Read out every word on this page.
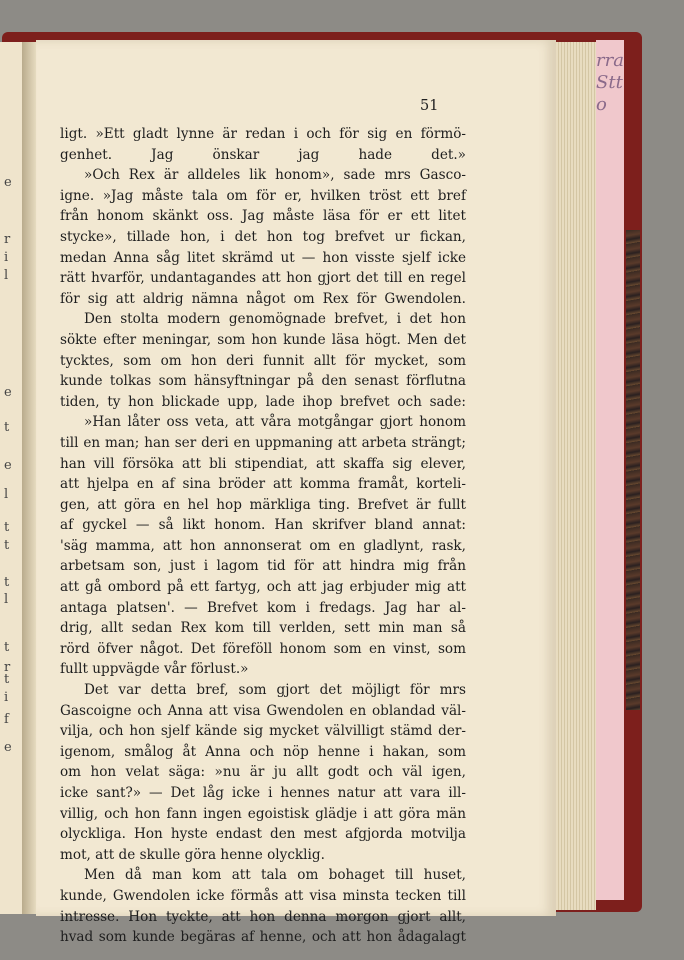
e
r
i
l
e
t
e
l
t
t
t
l
t
r
t
i
f
e
rra
Stt
o
51
ligt. »Ett gladt lynne är redan i och för sig en förmö-
genhet. Jag önskar jag hade det.»
»Och Rex är alldeles lik honom», sade mrs Gasco-
igne. »Jag måste tala om för er, hvilken tröst ett bref
från honom skänkt oss. Jag måste läsa för er ett litet
stycke», tillade hon, i det hon tog brefvet ur fickan,
medan Anna såg litet skrämd ut — hon visste sjelf icke
rätt hvarför, undantagandes att hon gjort det till en regel
för sig att aldrig nämna något om Rex för Gwendolen.
Den stolta modern genomögnade brefvet, i det hon
sökte efter meningar, som hon kunde läsa högt. Men det
tycktes, som om hon deri funnit allt för mycket, som
kunde tolkas som hänsyftningar på den senast förflutna
tiden, ty hon blickade upp, lade ihop brefvet och sade:
»Han låter oss veta, att våra motgångar gjort honom
till en man; han ser deri en uppmaning att arbeta strängt;
han vill försöka att bli stipendiat, att skaffa sig elever,
att hjelpa en af sina bröder att komma framåt, korteli-
gen, att göra en hel hop märkliga ting. Brefvet är fullt
af gyckel — så likt honom. Han skrifver bland annat:
'säg mamma, att hon annonserat om en gladlynt, rask,
arbetsam son, just i lagom tid för att hindra mig från
att gå ombord på ett fartyg, och att jag erbjuder mig att
antaga platsen'. — Brefvet kom i fredags. Jag har al-
drig, allt sedan Rex kom till verlden, sett min man så
rörd öfver något. Det föreföll honom som en vinst, som
fullt uppvägde vår förlust.»
Det var detta bref, som gjort det möjligt för mrs
Gascoigne och Anna att visa Gwendolen en oblandad väl-
vilja, och hon sjelf kände sig mycket välvilligt stämd der-
igenom, smålog åt Anna och nöp henne i hakan, som
om hon velat säga: »nu är ju allt godt och väl igen,
icke sant?» — Det låg icke i hennes natur att vara ill-
villig, och hon fann ingen egoistisk glädje i att göra män
olyckliga. Hon hyste endast den mest afgjorda motvilja
mot, att de skulle göra henne olycklig.
Men då man kom att tala om bohaget till huset,
kunde, Gwendolen icke förmås att visa minsta tecken till
intresse. Hon tyckte, att hon denna morgon gjort allt,
hvad som kunde begäras af henne, och att hon ådagalagt
